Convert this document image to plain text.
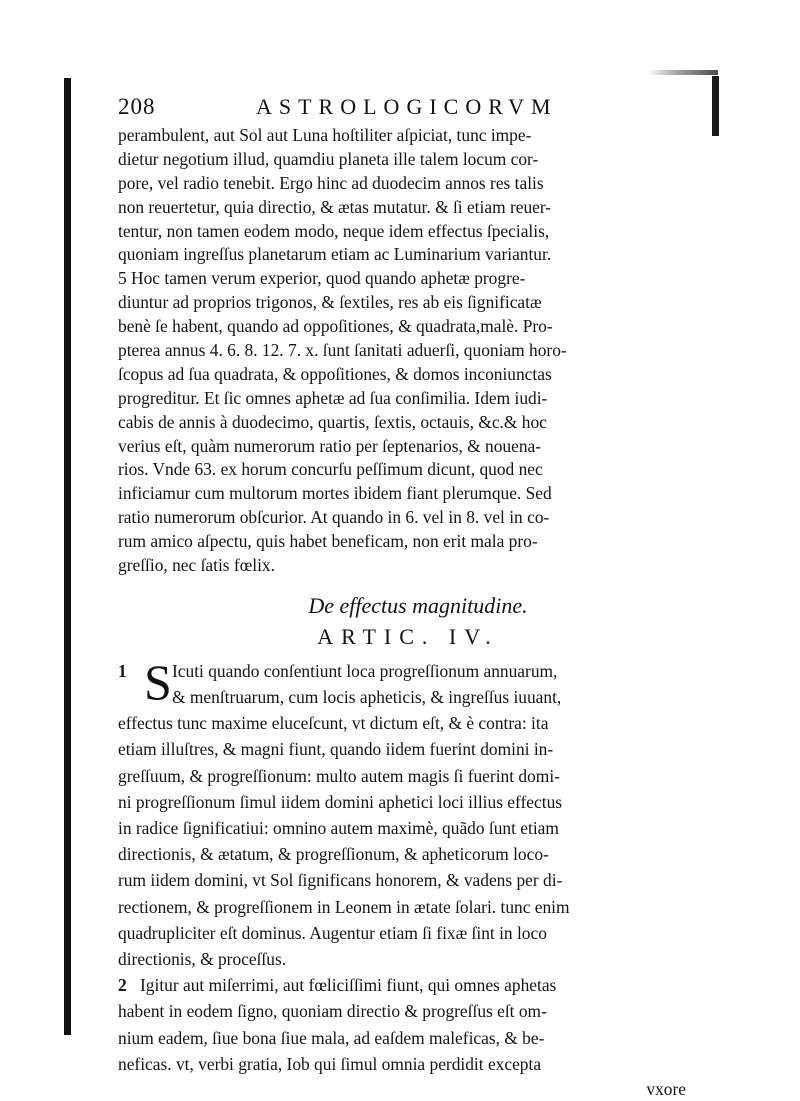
208	ASTROLOGICORVM
perambulent, aut Sol aut Luna hoſtiliter aſpiciat, tunc impe-
dietur negotium illud, quamdiu planeta ille talem locum cor-
pore, vel radio tenebit. Ergo hinc ad duodecim annos res talis
non reuertetur, quia directio, & ætas mutatur. & ſi etiam reuer-
tentur, non tamen eodem modo, neque idem effectus ſpecialis,
quoniam ingreſſus planetarum etiam ac Luminarium variantur.
5 Hoc tamen verum experior, quod quando aphetæ progre-
diuntur ad proprios trigonos, & ſextiles, res ab eis ſignificatæ
benè ſe habent, quando ad oppoſitiones, & quadrata,malè. Pro-
pterea annus 4. 6. 8. 12. 7. x. ſunt ſanitati aduerſi, quoniam horo-
ſcopus ad ſua quadrata, & oppoſitiones, & domos inconiunctas
progreditur. Et ſic omnes aphetæ ad ſua conſimilia. Idem iudi-
cabis de annis à duodecimo, quartis, ſextis, octauis, &c.& hoc
verius eſt, quàm numerorum ratio per ſeptenarios, & nouena-
rios. Vnde 63. ex horum concurſu peſſimum dicunt, quod nec
inficiamur cum multorum mortes ibidem fiant plerumque. Sed
ratio numerorum obſcurior. At quando in 6. vel in 8. vel in co-
rum amico aſpectu, quis habet beneficam, non erit mala pro-
greſſio, nec ſatis fœlix.
De effectus magnitudine.
ARTIC. IV.
S
1	Icuti quando conſentiunt loca progreſſionum annuarum,
& menſtruarum, cum locis apheticis, & ingreſſus iuuant,
effectus tunc maxime eluceſcunt, vt dictum eſt, & è contra: ita
etiam illuſtres, & magni fiunt, quando iidem fuerint domini in-
greſſuum, & progreſſionum: multo autem magis ſi fuerint domi-
ni progreſſionum ſimul iidem domini aphetici loci illius effectus
in radice ſignificatiui: omnino autem maximè, quãdo ſunt etiam
directionis, & ætatum, & progreſſionum, & apheticorum loco-
rum iidem domini, vt Sol ſignificans honorem, & vadens per di-
rectionem, & progreſſionem in Leonem in ætate ſolari. tunc enim
quadrupliciter eſt dominus. Augentur etiam ſi fixæ ſint in loco
directionis, & proceſſus.
2 Igitur aut miſerrimi, aut fœliciſſimi fiunt, qui omnes aphetas
habent in eodem ſigno, quoniam directio & progreſſus eſt om-
nium eadem, ſiue bona ſiue mala, ad eaſdem maleficas, & be-
neficas. vt, verbi gratia, Iob qui ſimul omnia perdidit excepta
vxore
